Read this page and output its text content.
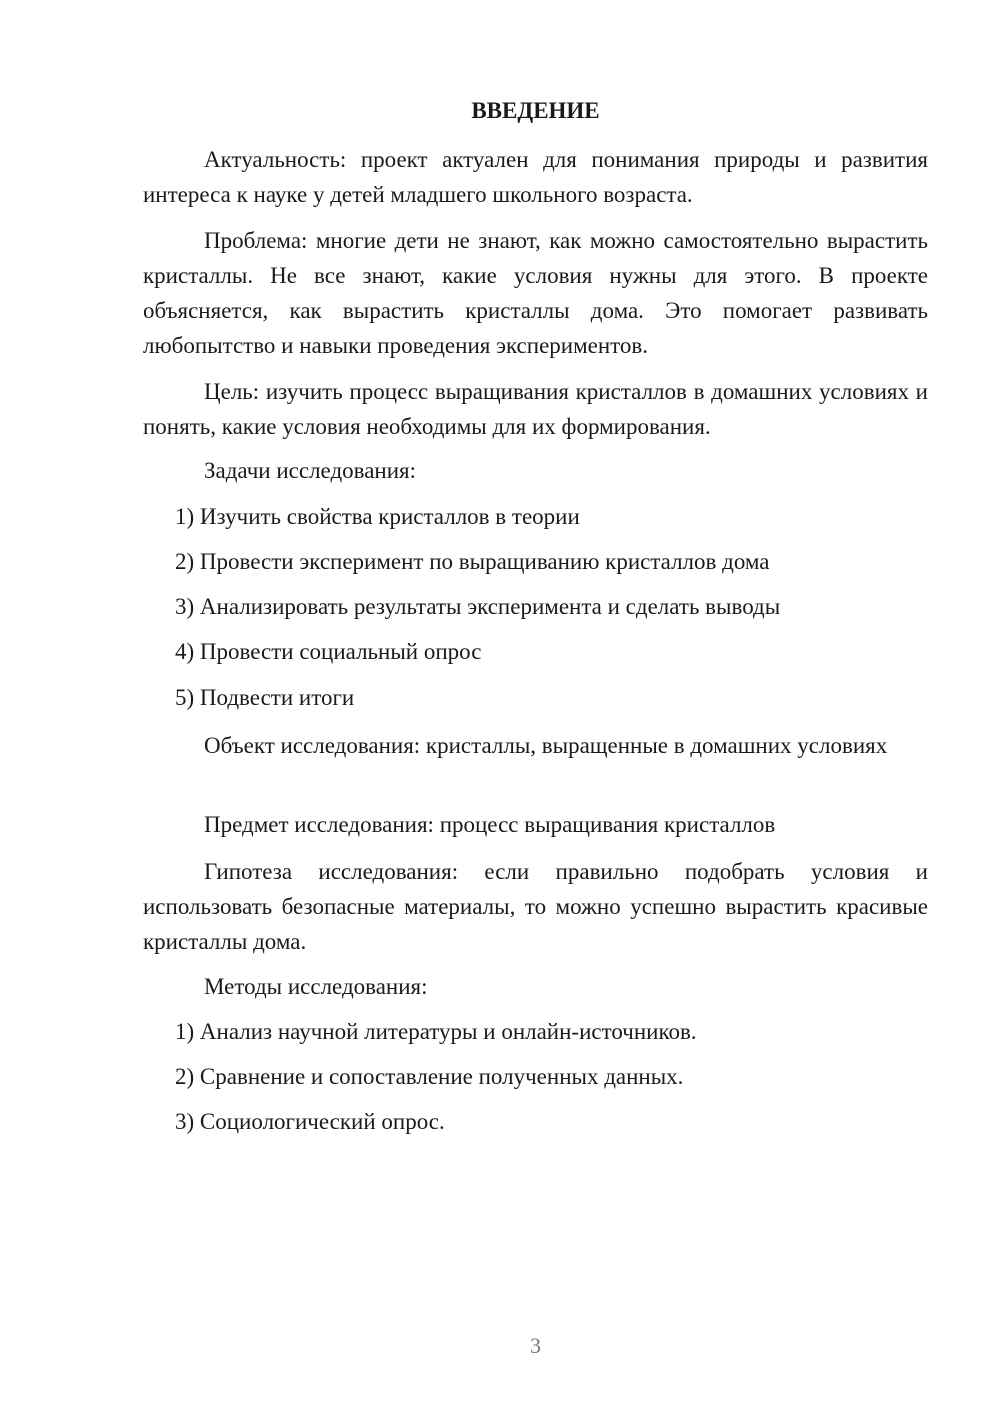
ВВЕДЕНИЕ

Актуальность: проект актуален для понимания природы и развития интереса к науке у детей младшего школьного возраста.

Проблема: многие дети не знают, как можно самостоятельно вырастить кристаллы. Не все знают, какие условия нужны для этого. В проекте объясняется, как вырастить кристаллы дома. Это помогает развивать любопытство и навыки проведения экспериментов.

Цель: изучить процесс выращивания кристаллов в домашних условиях и понять, какие условия необходимы для их формирования.

Задачи исследования:

1) Изучить свойства кристаллов в теории

2) Провести эксперимент по выращиванию кристаллов дома

3) Анализировать результаты эксперимента и сделать выводы

4) Провести социальный опрос

5) Подвести итоги

Объект исследования: кристаллы, выращенные в домашних условиях

Предмет исследования: процесс выращивания кристаллов

Гипотеза исследования: если правильно подобрать условия и использовать безопасные материалы, то можно успешно вырастить красивые кристаллы дома.

Методы исследования:

1) Анализ научной литературы и онлайн-источников.

2) Сравнение и сопоставление полученных данных.

3) Социологический опрос.

3
